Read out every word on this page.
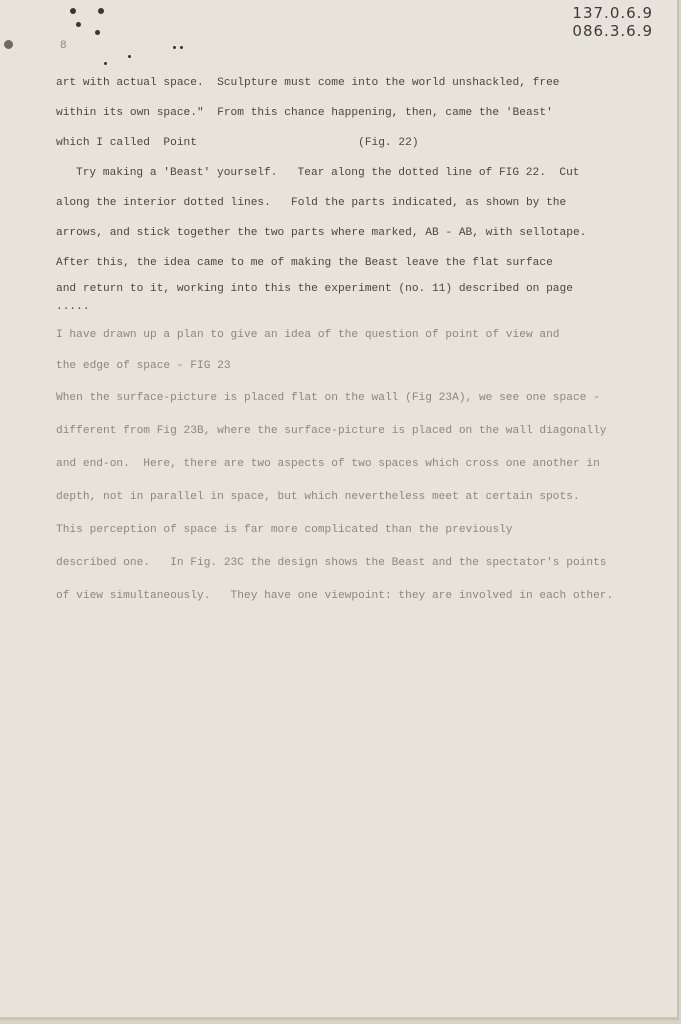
137.0.6.9
086.3.6.9
8
art with actual space.  Sculpture must come into the world unshackled, free
within its own space."  From this chance happening, then, came the 'Beast'
which I called  Point                        (Fig. 22)
Try making a 'Beast' yourself.   Tear along the dotted line of FIG 22.  Cut
along the interior dotted lines.   Fold the parts indicated, as shown by the
arrows, and stick together the two parts where marked, AB - AB, with sellotape.
After this, the idea came to me of making the Beast leave the flat surface
and return to it, working into this the experiment (no. 11) described on page
.....
I have drawn up a plan to give an idea of the question of point of view and
the edge of space - FIG 23
When the surface-picture is placed flat on the wall (Fig 23A), we see one space -
different from Fig 23B, where the surface-picture is placed on the wall diagonally
and end-on.  Here, there are two aspects of two spaces which cross one another in
depth, not in parallel in space, but which nevertheless meet at certain spots.
This perception of space is far more complicated than the previously
described one.   In Fig. 23C the design shows the Beast and the spectator's points
of view simultaneously.   They have one viewpoint: they are involved in each other.
